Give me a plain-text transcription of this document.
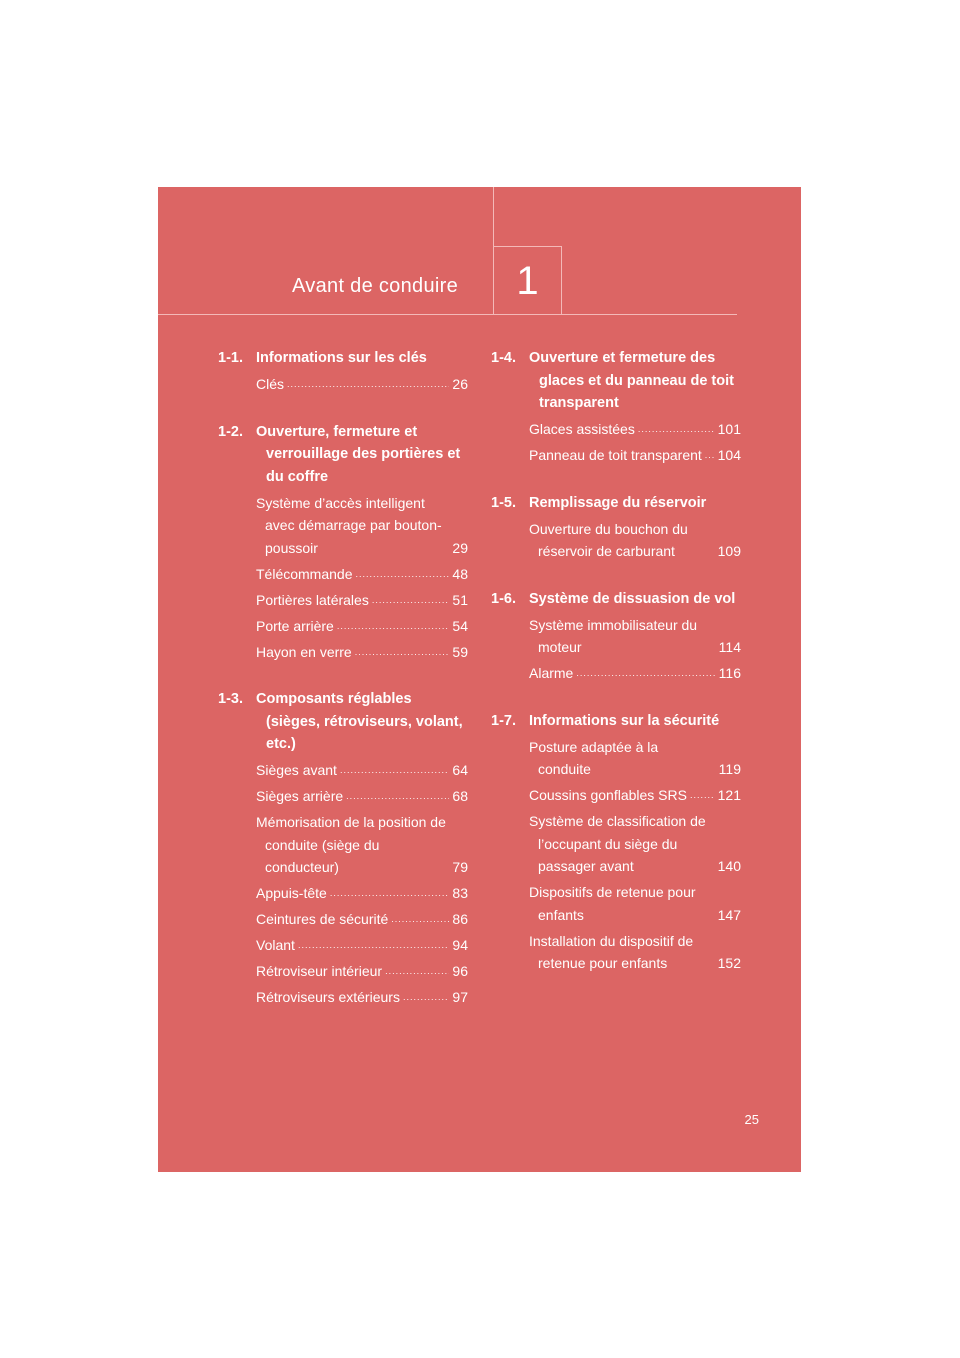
Avant de conduire 1
1-1. Informations sur les clés
Clés .....	26
1-2. Ouverture, fermeture et verrouillage des portières et du coffre
Système d’accès intelligent avec démarrage par bouton-poussoir	29
Télécommande .....	48
Portières latérales .....	51
Porte arrière .....	54
Hayon en verre .....	59
1-3. Composants réglables (sièges, rétroviseurs, volant, etc.)
Sièges avant .....	64
Sièges arrière .....	68
Mémorisation de la position de conduite (siège du conducteur)	79
Appuis-tête .....	83
Ceintures de sécurité .....	86
Volant .....	94
Rétroviseur intérieur .....	96
Rétroviseurs extérieurs .....	97
1-4. Ouverture et fermeture des glaces et du panneau de toit transparent
Glaces assistées .....	101
Panneau de toit transparent ..... 104
1-5. Remplissage du réservoir
Ouverture du bouchon du réservoir de carburant	109
1-6. Système de dissuasion de vol
Système immobilisateur du moteur	114
Alarme .....	116
1-7. Informations sur la sécurité
Posture adaptée à la conduite	119
Coussins gonflables SRS ..... 121
Système de classification de l’occupant du siège du passager avant	140
Dispositifs de retenue pour enfants	147
Installation du dispositif de retenue pour enfants	152
25
